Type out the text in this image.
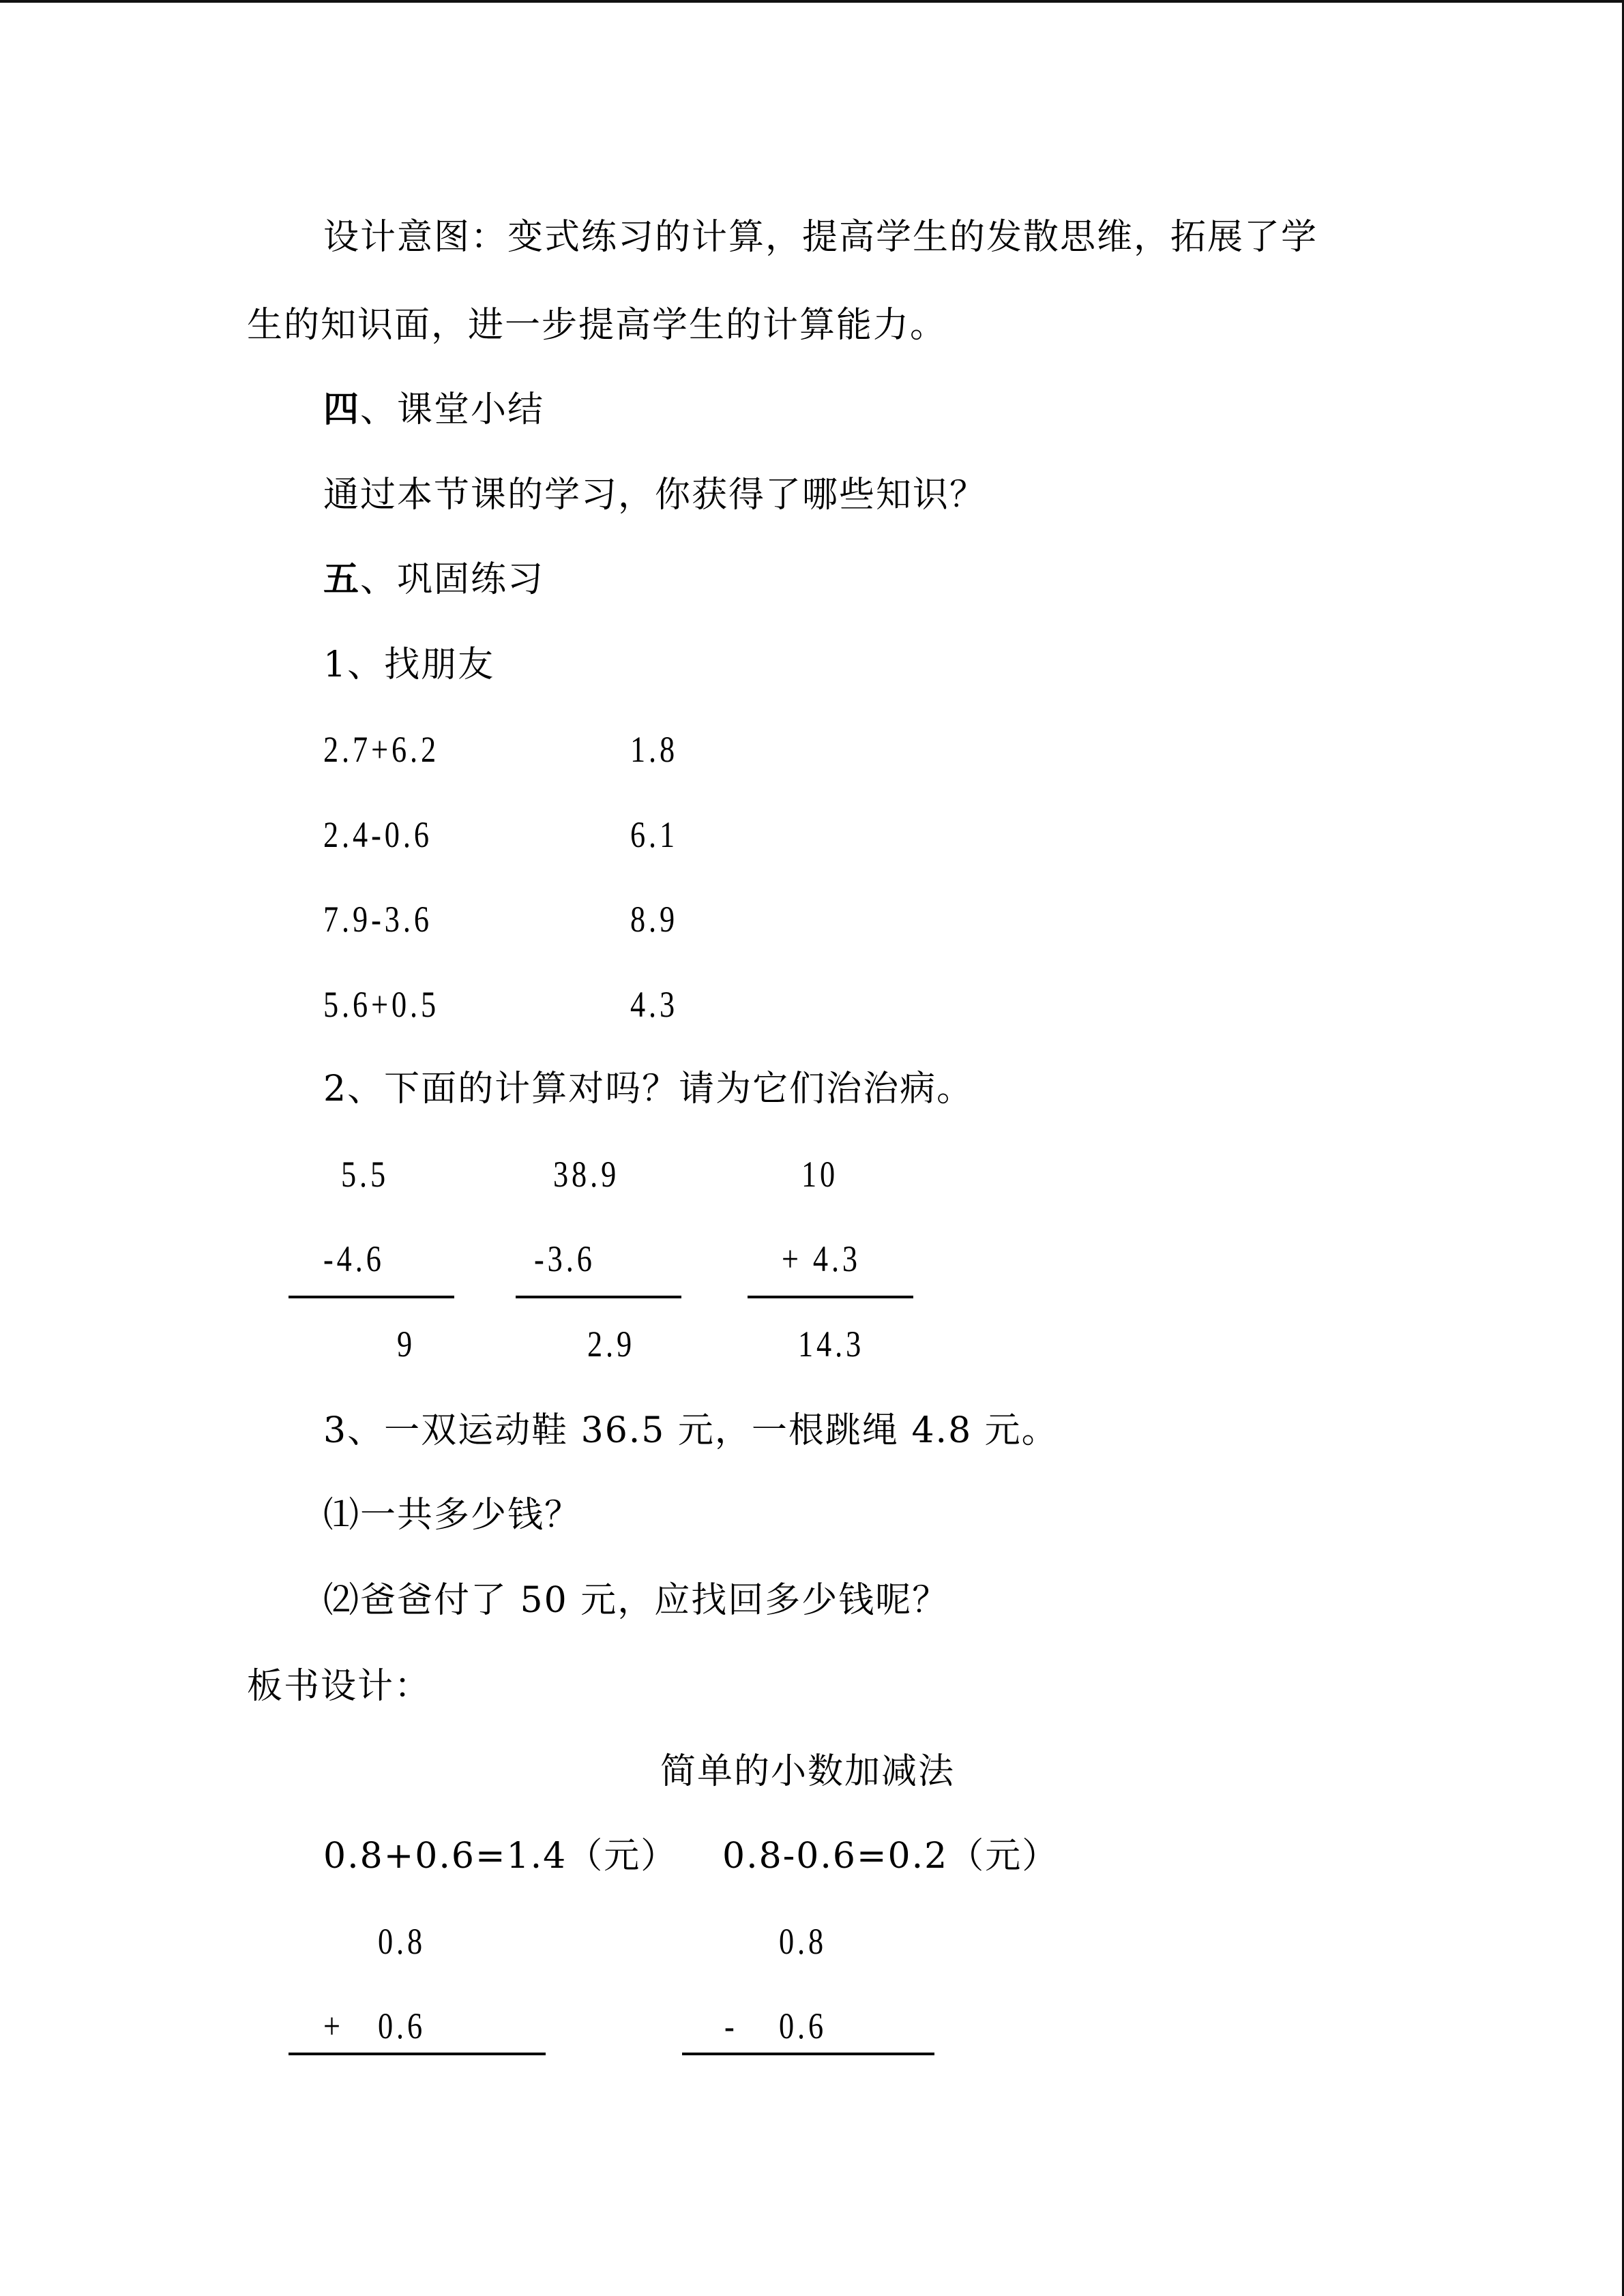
设计意图：变式练习的计算，提高学生的发散思维，拓展了学
生的知识面，进一步提高学生的计算能力。
四、课堂小结
通过本节课的学习，你获得了哪些知识？
五、巩固练习
1、找朋友
2.7+6.2	1.8
2.4-0.6	6.1
7.9-3.6	8.9
5.6+0.5	4.3
2、下面的计算对吗？请为它们治治病。
5.5
-4.6
9
38.9
-3.6
2.9
10
+ 4.3
14.3
3、一双运动鞋 36.5 元，一根跳绳 4.8 元。
⑴一共多少钱？
⑵爸爸付了 50 元，应找回多少钱呢？
板书设计：
简单的小数加减法
0.8+0.6=1.4（元） 0.8-0.6=0.2（元）
0.8
+ 0.6
0.8
- 0.6
